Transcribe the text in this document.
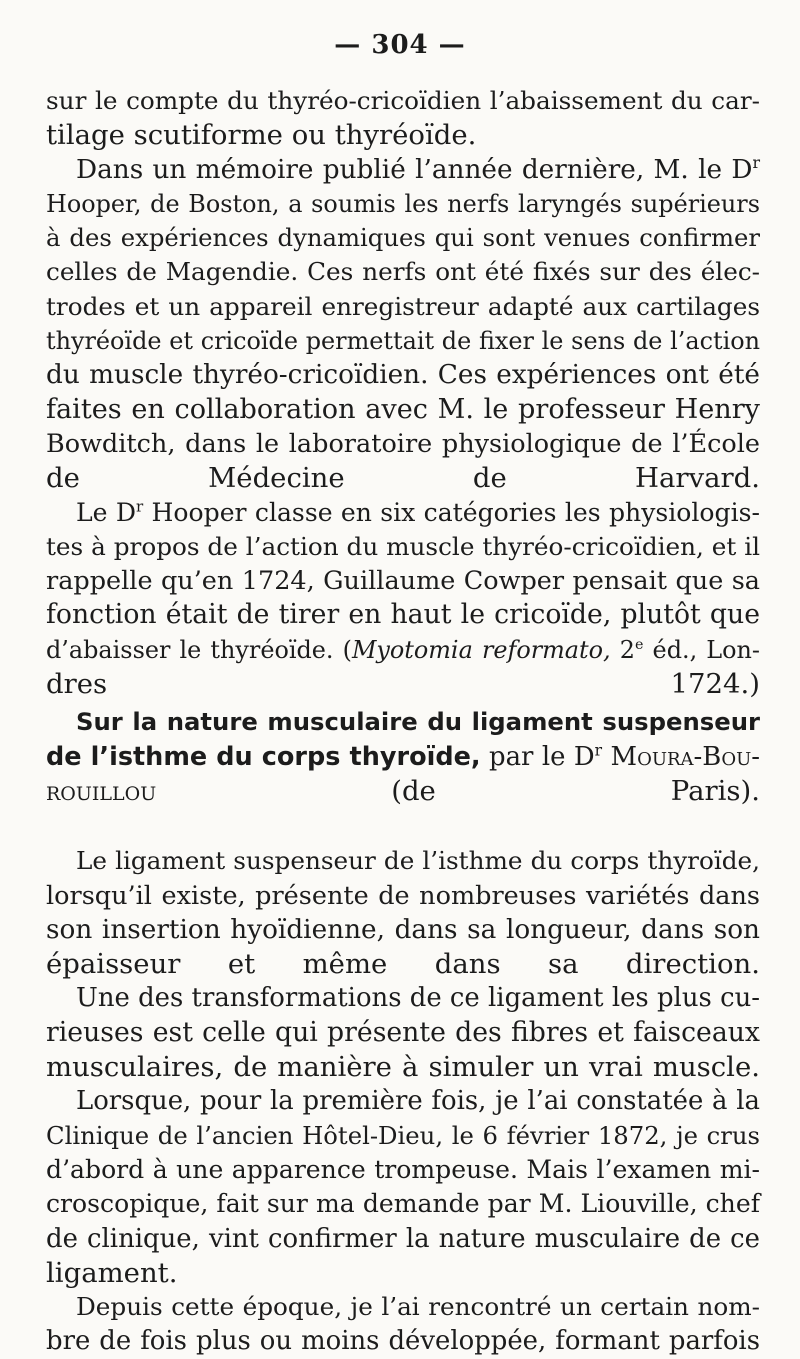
— 304 —
sur le compte du thyréo-cricoïdien l’abaissement du car-
tilage scutiforme ou thyréoïde.
Dans un mémoire publié l’année dernière, M. le $D^r$
Hooper, de Boston, a soumis les nerfs laryngés supérieurs
à des expériences dynamiques qui sont venues confirmer
celles de Magendie. Ces nerfs ont été fixés sur des élec-
trodes et un appareil enregistreur adapté aux cartilages
thyréoïde et cricoïde permettait de fixer le sens de l’action
du muscle thyréo-cricoïdien. Ces expériences ont été
faites en collaboration avec M. le professeur Henry
Bowditch, dans le laboratoire physiologique de l’École
de Médecine de Harvard.
Le $D^r$ Hooper classe en six catégories les physiologis-
tes à propos de l’action du muscle thyréo-cricoïdien, et il
rappelle qu’en 1724, Guillaume Cowper pensait que sa
fonction était de tirer en haut le cricoïde, plutôt que
d’abaisser le thyréoïde. (Myotomia reformato, 2e éd., Lon-
dres 1724.)
Sur la nature musculaire du ligament suspenseur
de l’isthme du corps thyroïde, par le $D^r$ Moura-Bou-
rouillou (de Paris).
Le ligament suspenseur de l’isthme du corps thyroïde,
lorsqu’il existe, présente de nombreuses variétés dans
son insertion hyoïdienne, dans sa longueur, dans son
épaisseur et même dans sa direction.
Une des transformations de ce ligament les plus cu-
rieuses est celle qui présente des fibres et faisceaux
musculaires, de manière à simuler un vrai muscle.
Lorsque, pour la première fois, je l’ai constatée à la
Clinique de l’ancien Hôtel-Dieu, le 6 février 1872, je crus
d’abord à une apparence trompeuse. Mais l’examen mi-
croscopique, fait sur ma demande par M. Liouville, chef
de clinique, vint confirmer la nature musculaire de ce
ligament.
Depuis cette époque, je l’ai rencontré un certain nom-
bre de fois plus ou moins développée, formant parfois
